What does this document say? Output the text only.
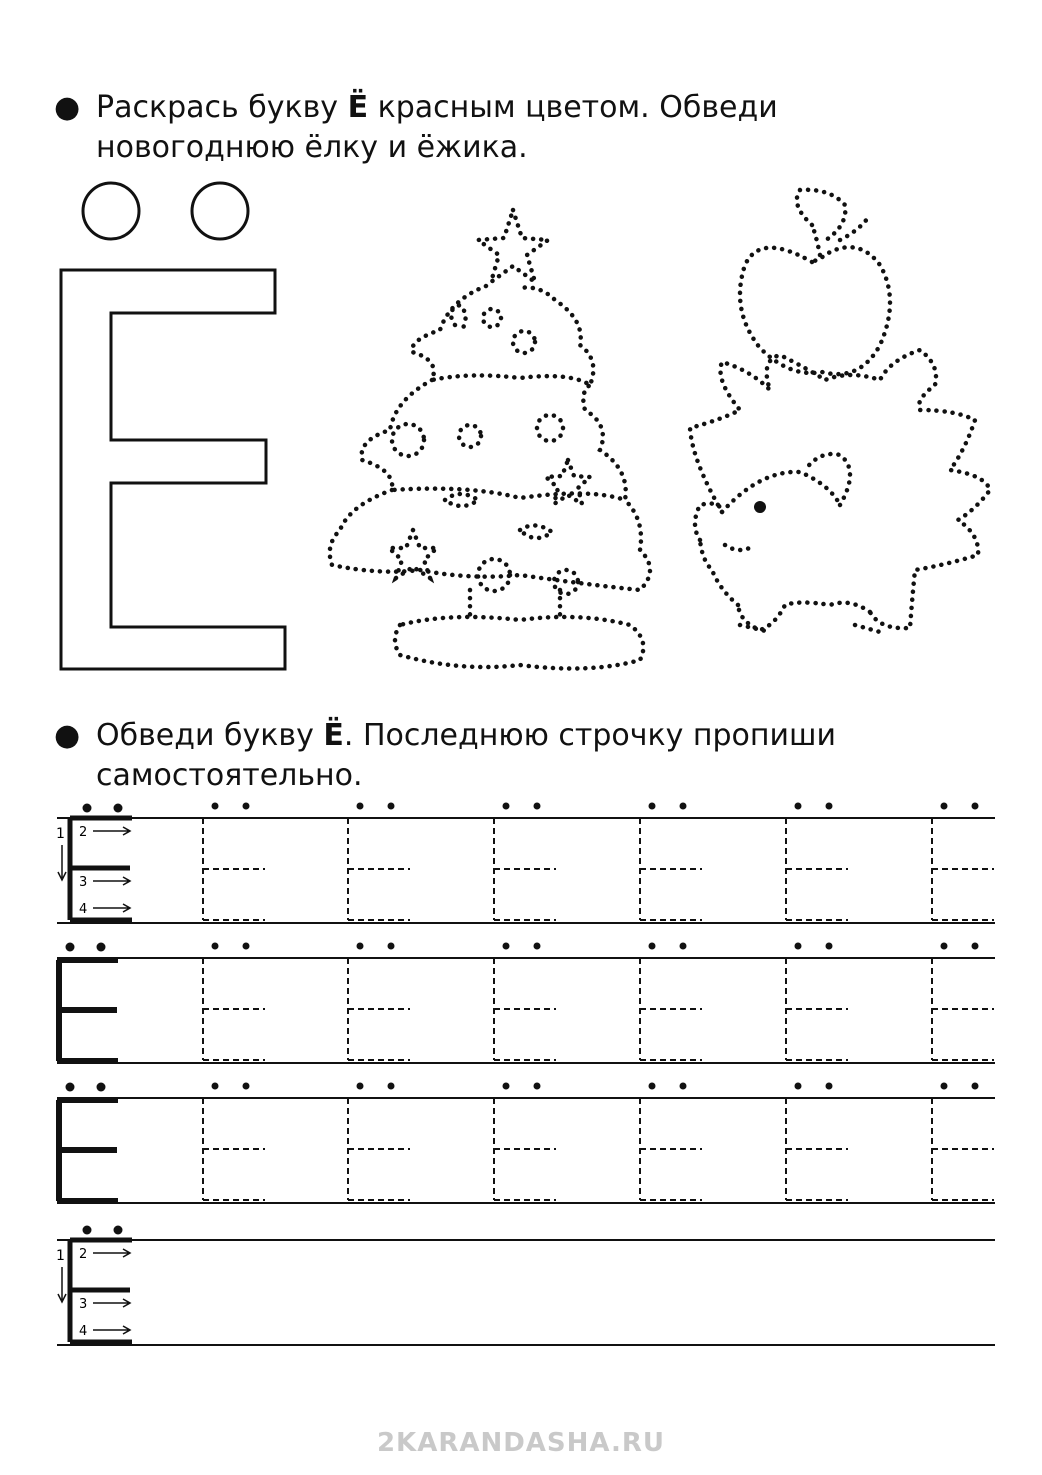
● Раскрась букву Ё красным цветом. Обведи
новогоднюю ёлку и ёжика.
● Обведи букву Ё. Последнюю строчку пропиши
самостоятельно.
1 2
3
4
1 2
3
4
2KARANDASHA.RU
